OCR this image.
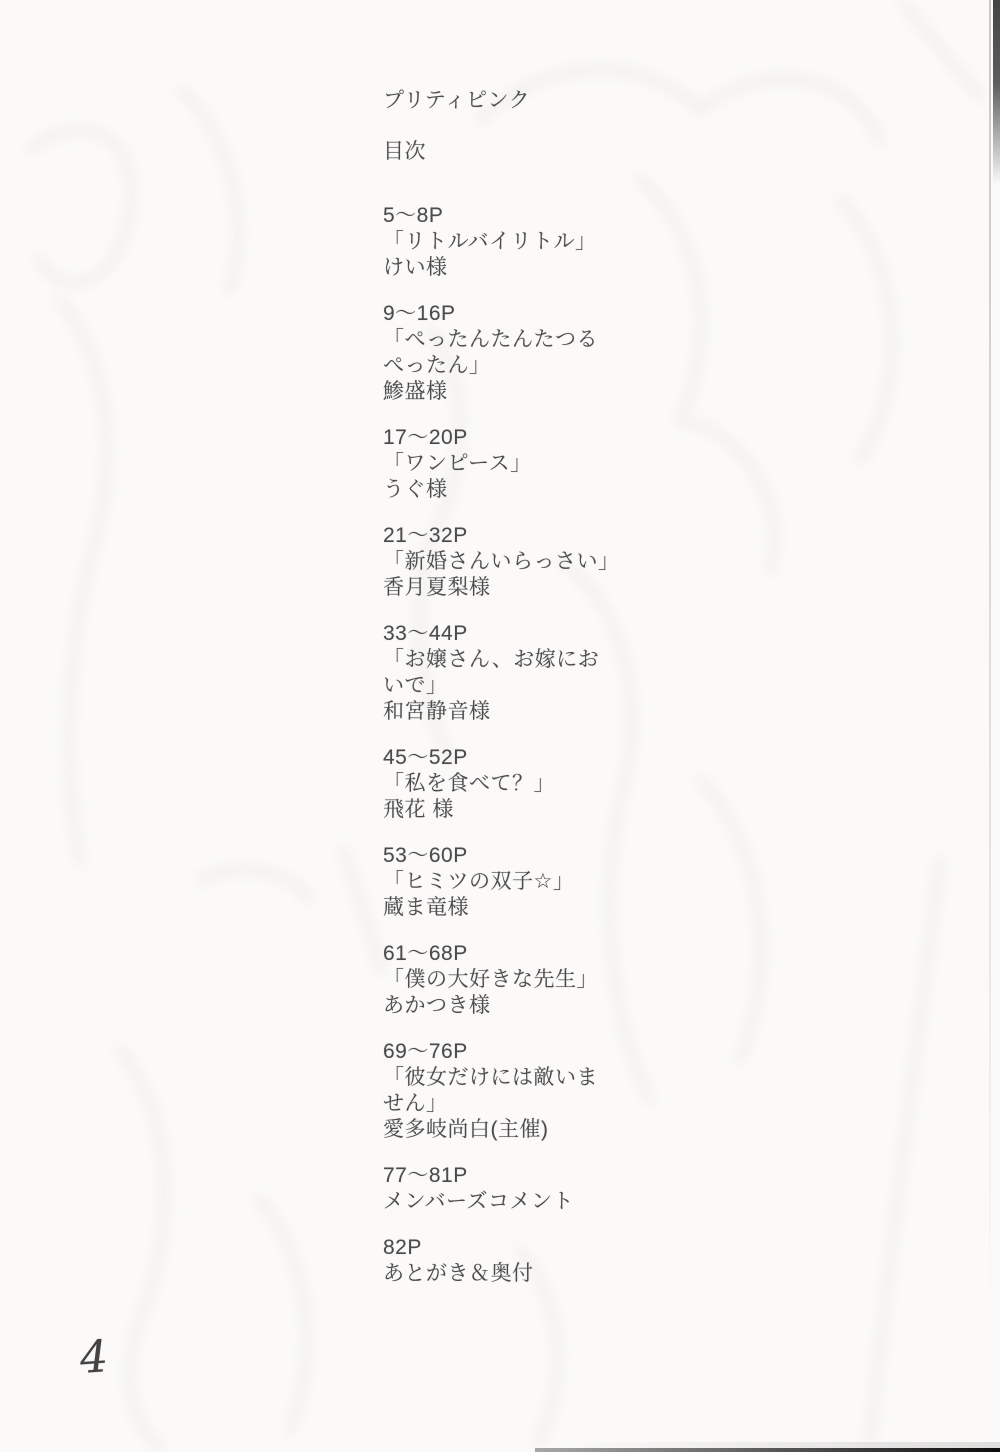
プリティピンク
目次
5〜8P
「リトルバイリトル」
けい様
9〜16P
「ぺったんたんたつる
ぺったん」
鯵盛様
17〜20P
「ワンピース」
うぐ様
21〜32P
「新婚さんいらっさい」
香月夏梨様
33〜44P
「お嬢さん、お嫁にお
いで」
和宮静音様
45〜52P
「私を食べて？」
飛花 様
53〜60P
「ヒミツの双子☆」
蔵ま竜様
61〜68P
「僕の大好きな先生」
あかつき様
69〜76P
「彼女だけには敵いま
せん」
愛多岐尚白(主催)
77〜81P
メンバーズコメント
82P
あとがき＆奥付
4
